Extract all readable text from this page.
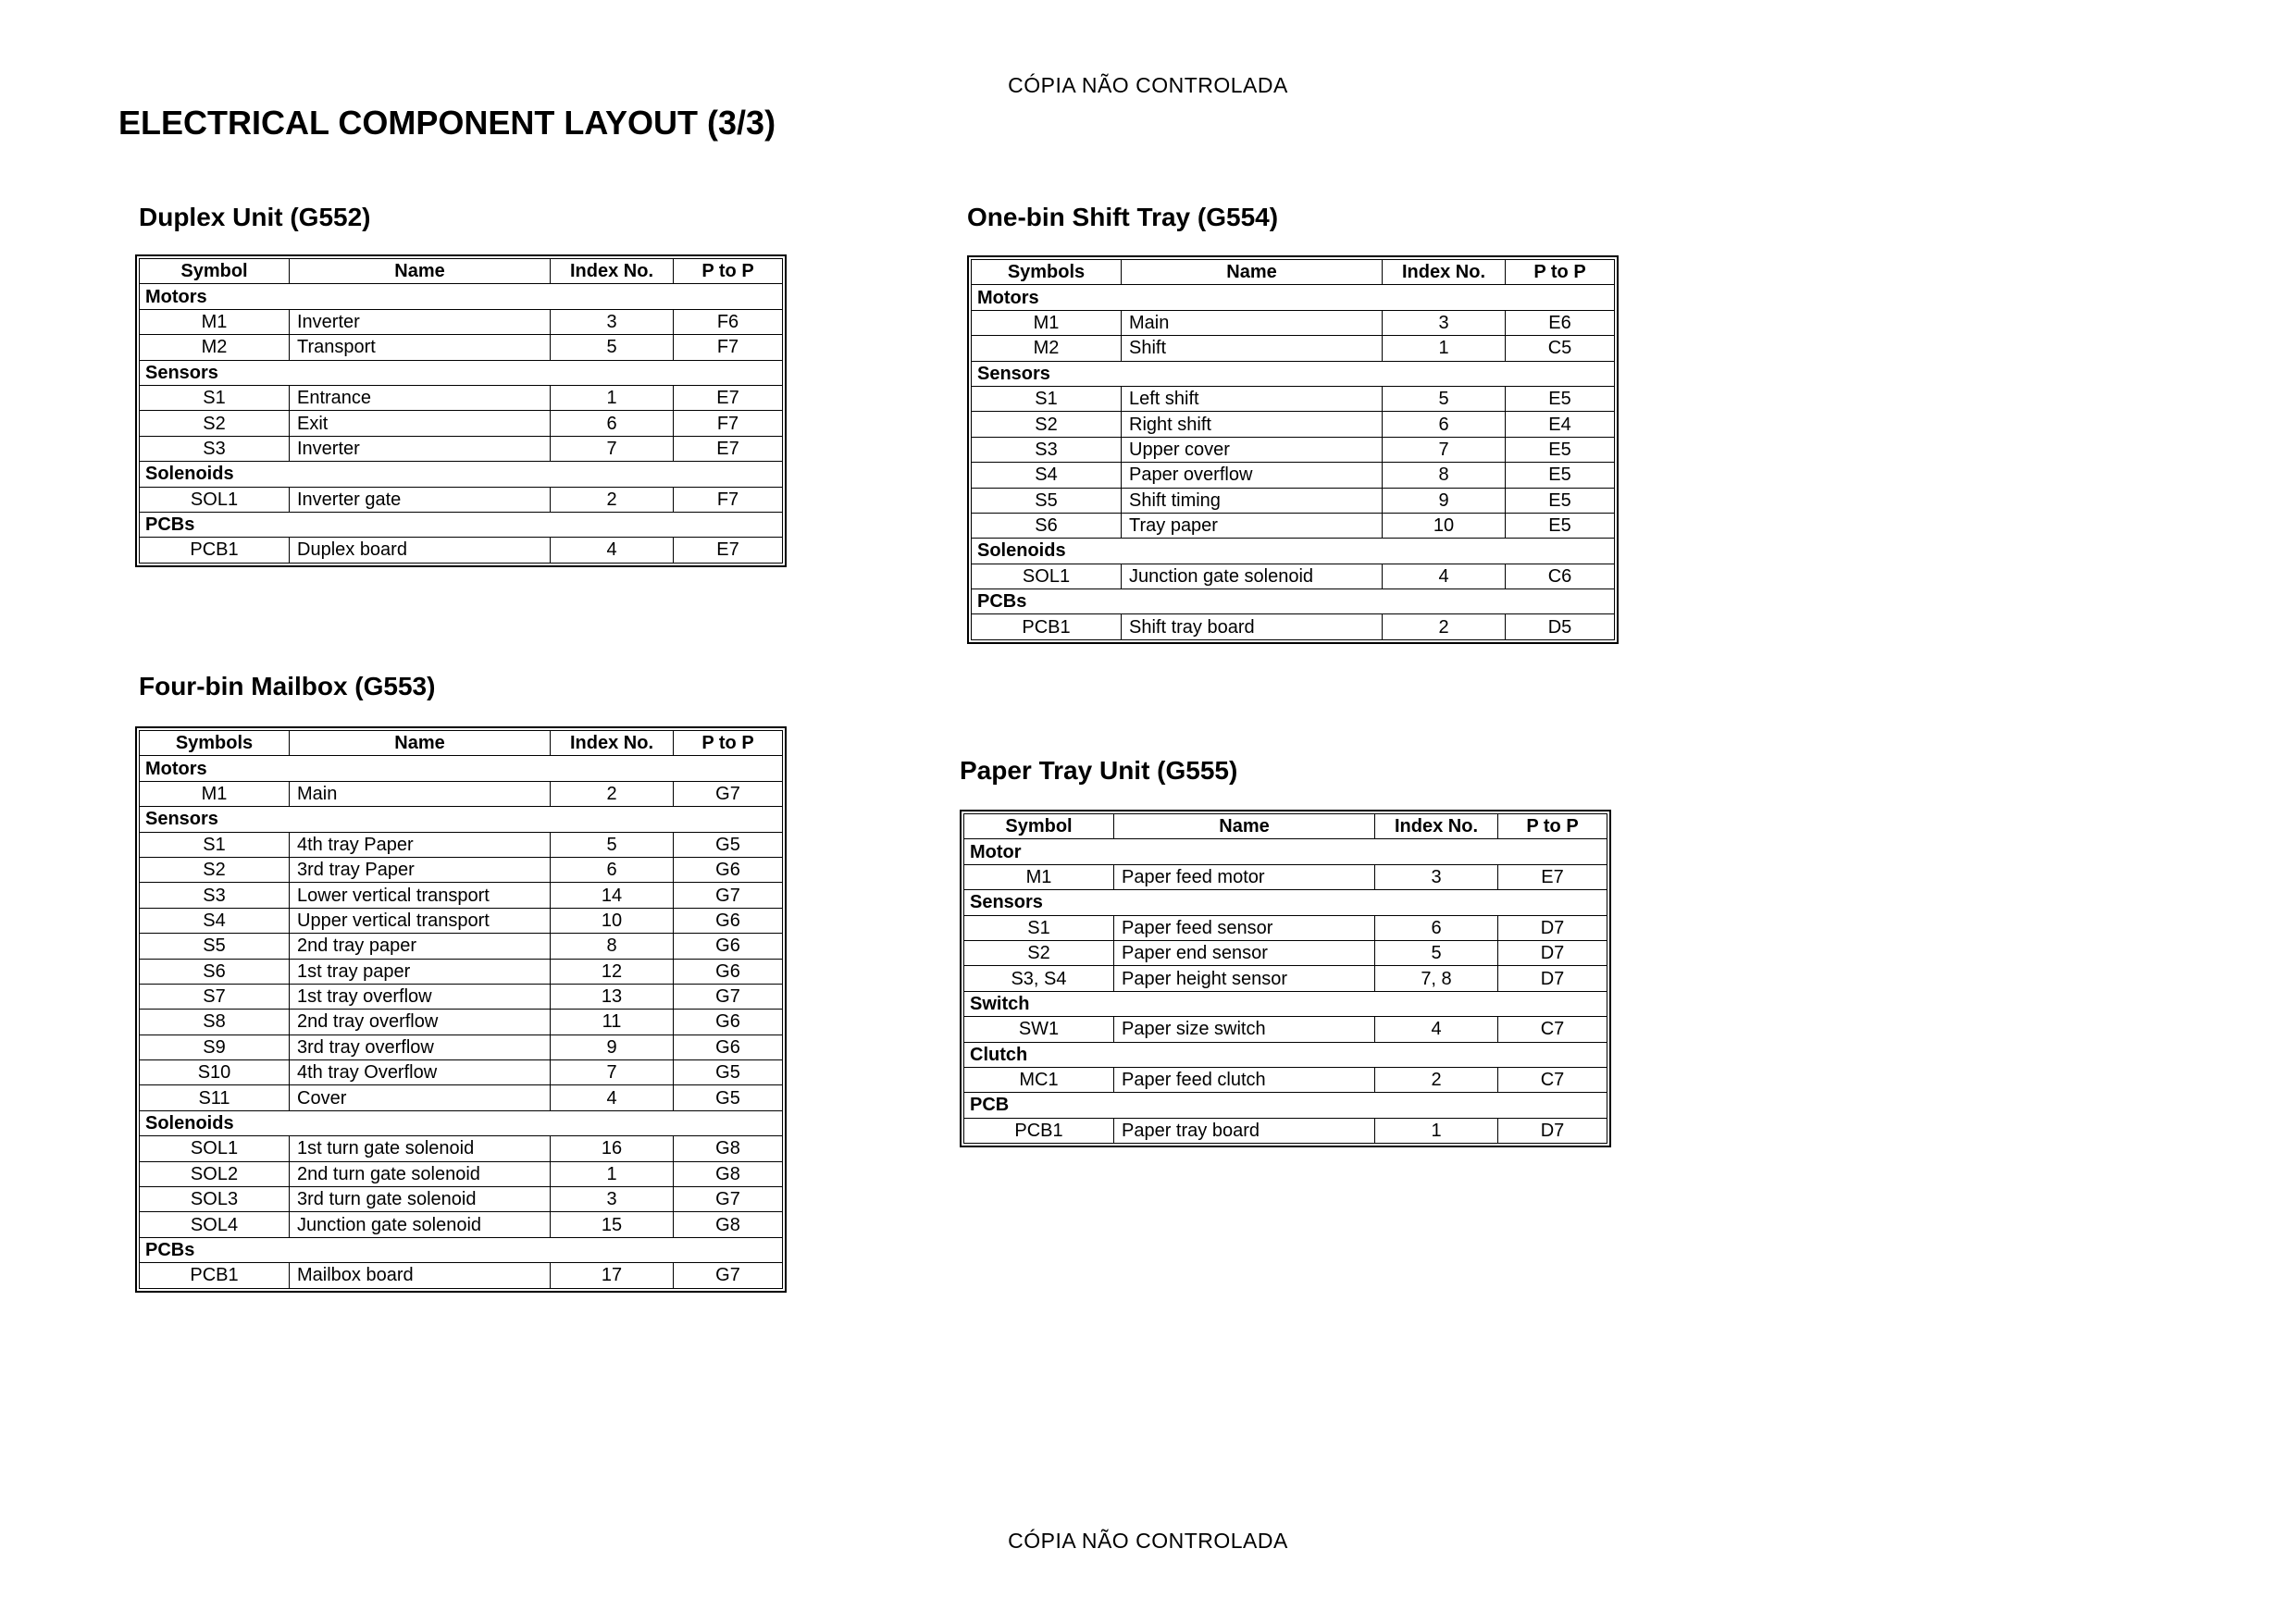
CÓPIA NÃO CONTROLADA
ELECTRICAL COMPONENT LAYOUT (3/3)
Duplex Unit (G552)
Symbol	Name	Index No.	P to P
Motors			
M1	Inverter	3	F6
M2	Transport	5	F7
Sensors			
S1	Entrance	1	E7
S2	Exit	6	F7
S3	Inverter	7	E7
Solenoids			
SOL1	Inverter gate	2	F7
PCBs			
PCB1	Duplex board	4	E7
Four-bin Mailbox (G553)
Symbols	Name	Index No.	P to P
Motors			
M1	Main	2	G7
Sensors			
S1	4th tray Paper	5	G5
S2	3rd tray Paper	6	G6
S3	Lower vertical transport	14	G7
S4	Upper vertical transport	10	G6
S5	2nd tray paper	8	G6
S6	1st tray paper	12	G6
S7	1st tray overflow	13	G7
S8	2nd tray overflow	11	G6
S9	3rd tray overflow	9	G6
S10	4th tray Overflow	7	G5
S11	Cover	4	G5
Solenoids			
SOL1	1st turn gate solenoid	16	G8
SOL2	2nd turn gate solenoid	1	G8
SOL3	3rd turn gate solenoid	3	G7
SOL4	Junction gate solenoid	15	G8
PCBs			
PCB1	Mailbox board	17	G7
One-bin Shift Tray (G554)
Symbols	Name	Index No.	P to P
Motors			
M1	Main	3	E6
M2	Shift	1	C5
Sensors			
S1	Left shift	5	E5
S2	Right shift	6	E4
S3	Upper cover	7	E5
S4	Paper overflow	8	E5
S5	Shift timing	9	E5
S6	Tray paper	10	E5
Solenoids			
SOL1	Junction gate solenoid	4	C6
PCBs			
PCB1	Shift tray board	2	D5
Paper Tray Unit (G555)
Symbol	Name	Index No.	P to P
Motor			
M1	Paper feed motor	3	E7
Sensors			
S1	Paper feed sensor	6	D7
S2	Paper end sensor	5	D7
S3, S4	Paper height sensor	7, 8	D7
Switch			
SW1	Paper size switch	4	C7
Clutch			
MC1	Paper feed clutch	2	C7
PCB			
PCB1	Paper tray board	1	D7
CÓPIA NÃO CONTROLADA
